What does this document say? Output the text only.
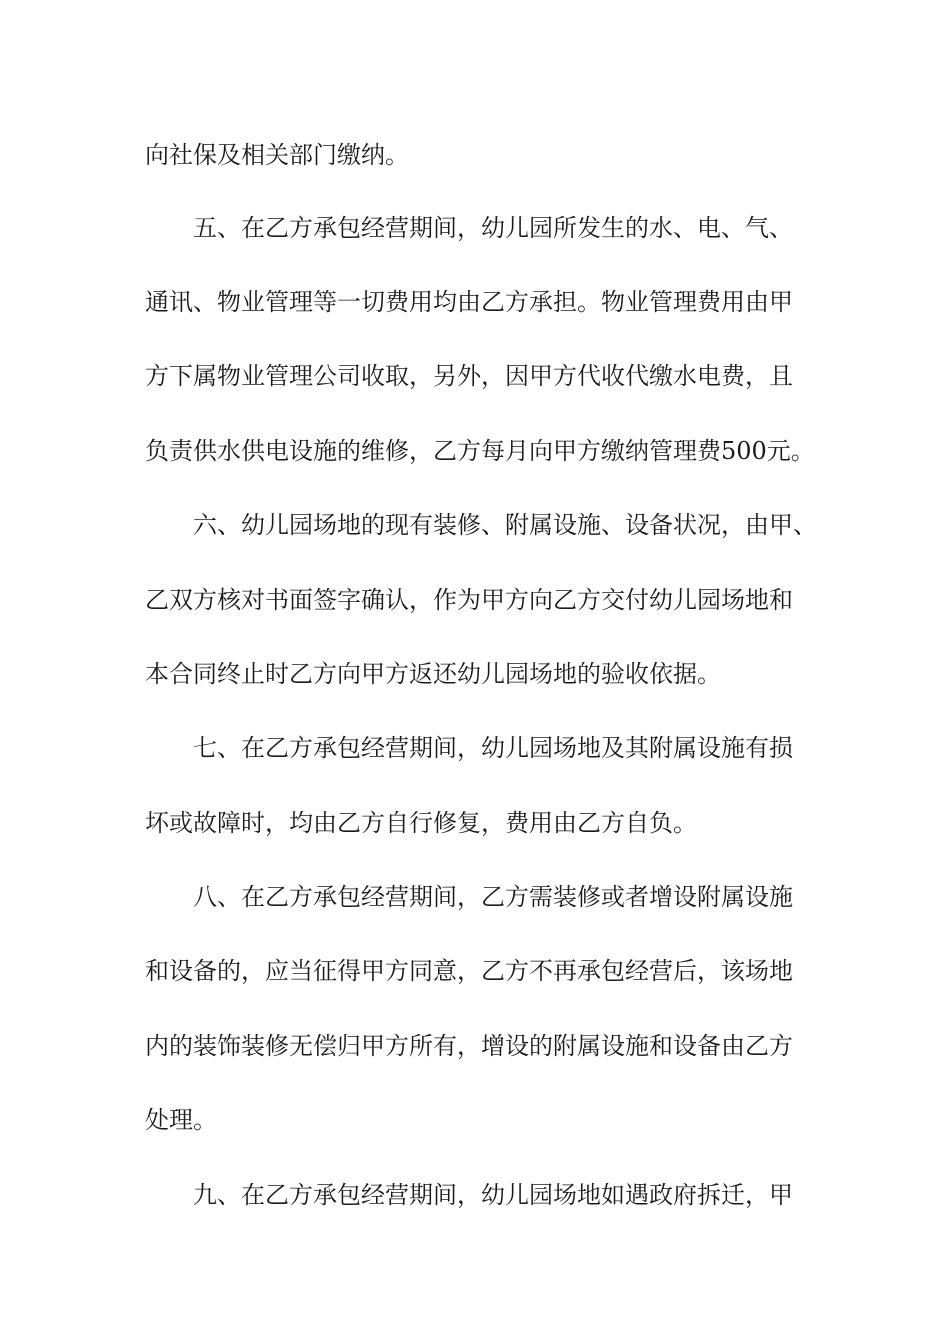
向社保及相关部门缴纳。

五、在乙方承包经营期间，幼儿园所发生的水、电、气、

通讯、物业管理等一切费用均由乙方承担。物业管理费用由甲

方下属物业管理公司收取，另外，因甲方代收代缴水电费，且

负责供水供电设施的维修，乙方每月向甲方缴纳管理费500元。

六、幼儿园场地的现有装修、附属设施、设备状况，由甲、

乙双方核对书面签字确认，作为甲方向乙方交付幼儿园场地和

本合同终止时乙方向甲方返还幼儿园场地的验收依据。

七、在乙方承包经营期间，幼儿园场地及其附属设施有损

坏或故障时，均由乙方自行修复，费用由乙方自负。

八、在乙方承包经营期间，乙方需装修或者增设附属设施

和设备的，应当征得甲方同意，乙方不再承包经营后，该场地

内的装饰装修无偿归甲方所有，增设的附属设施和设备由乙方

处理。

九、在乙方承包经营期间，幼儿园场地如遇政府拆迁，甲
